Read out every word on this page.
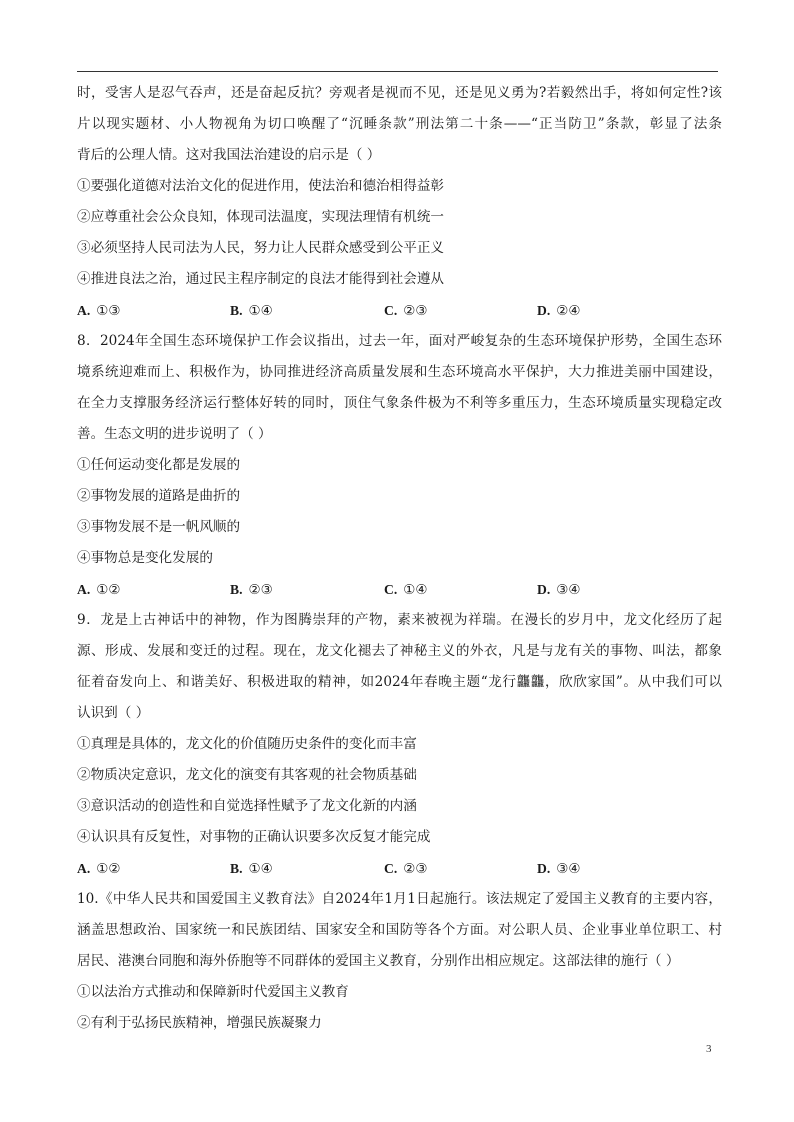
时，受害人是忍气吞声，还是奋起反抗？旁观者是视而不见，还是见义勇为?若毅然出手，将如何定性?该
片以现实题材、小人物视角为切口唤醒了“沉睡条款”刑法第二十条——“正当防卫”条款，彰显了法条
背后的公理人情。这对我国法治建设的启示是（ ）
①要强化道德对法治文化的促进作用，使法治和德治相得益彰
②应尊重社会公众良知，体现司法温度，实现法理情有机统一
③必须坚持人民司法为人民，努力让人民群众感受到公平正义
④推进良法之治，通过民主程序制定的良法才能得到社会遵从
A. ①③	B. ①④	C. ②③	D. ②④
8．2024年全国生态环境保护工作会议指出，过去一年，面对严峻复杂的生态环境保护形势，全国生态环
境系统迎难而上、积极作为，协同推进经济高质量发展和生态环境高水平保护，大力推进美丽中国建设，
在全力支撑服务经济运行整体好转的同时，顶住气象条件极为不利等多重压力，生态环境质量实现稳定改
善。生态文明的进步说明了（ ）
①任何运动变化都是发展的
②事物发展的道路是曲折的
③事物发展不是一帆风顺的
④事物总是变化发展的
A. ①②	B. ②③	C. ①④	D. ③④
9．龙是上古神话中的神物，作为图腾崇拜的产物，素来被视为祥瑞。在漫长的岁月中，龙文化经历了起
源、形成、发展和变迁的过程。现在，龙文化褪去了神秘主义的外衣，凡是与龙有关的事物、叫法，都象
征着奋发向上、和谐美好、积极进取的精神，如2024年春晚主题“龙行龘龘，欣欣家国”。从中我们可以
认识到（ ）
①真理是具体的，龙文化的价值随历史条件的变化而丰富
②物质决定意识，龙文化的演变有其客观的社会物质基础
③意识活动的创造性和自觉选择性赋予了龙文化新的内涵
④认识具有反复性，对事物的正确认识要多次反复才能完成
A. ①②	B. ①④	C. ②③	D. ③④
10.《中华人民共和国爱国主义教育法》自2024年1月1日起施行。该法规定了爱国主义教育的主要内容，
涵盖思想政治、国家统一和民族团结、国家安全和国防等各个方面。对公职人员、企业事业单位职工、村
居民、港澳台同胞和海外侨胞等不同群体的爱国主义教育，分别作出相应规定。这部法律的施行（ ）
①以法治方式推动和保障新时代爱国主义教育
②有利于弘扬民族精神，增强民族凝聚力
3
